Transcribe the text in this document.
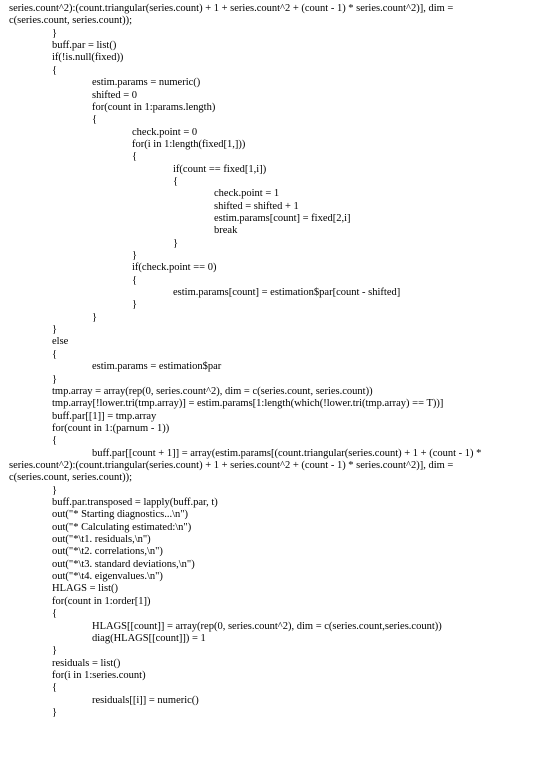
series.count^2):(count.triangular(series.count) + 1 + series.count^2 + (count - 1) * series.count^2)], dim =
c(series.count, series.count));
}
buff.par = list()
if(!is.null(fixed))
{
estim.params = numeric()
shifted = 0
for(count in 1:params.length)
{
check.point = 0
for(i in 1:length(fixed[1,]))
{
if(count == fixed[1,i])
{
check.point = 1
shifted = shifted + 1
estim.params[count] = fixed[2,i]
break
}
}
if(check.point == 0)
{
estim.params[count] = estimation$par[count - shifted]
}
}
}
else
{
estim.params = estimation$par
}
tmp.array = array(rep(0, series.count^2), dim = c(series.count, series.count))
tmp.array[!lower.tri(tmp.array)] = estim.params[1:length(which(!lower.tri(tmp.array) == T))]
buff.par[[1]] = tmp.array
for(count in 1:(parnum - 1))
{
buff.par[[count + 1]] = array(estim.params[(count.triangular(series.count) + 1 + (count - 1) *
series.count^2):(count.triangular(series.count) + 1 + series.count^2 + (count - 1) * series.count^2)], dim =
c(series.count, series.count));
}
buff.par.transposed = lapply(buff.par, t)
out("* Starting diagnostics...\n")
out("* Calculating estimated:\n")
out("*\t1. residuals,\n")
out("*\t2. correlations,\n")
out("*\t3. standard deviations,\n")
out("*\t4. eigenvalues.\n")
HLAGS = list()
for(count in 1:order[1])
{
HLAGS[[count]] = array(rep(0, series.count^2), dim = c(series.count,series.count))
diag(HLAGS[[count]]) = 1
}
residuals = list()
for(i in 1:series.count)
{
residuals[[i]] = numeric()
}
